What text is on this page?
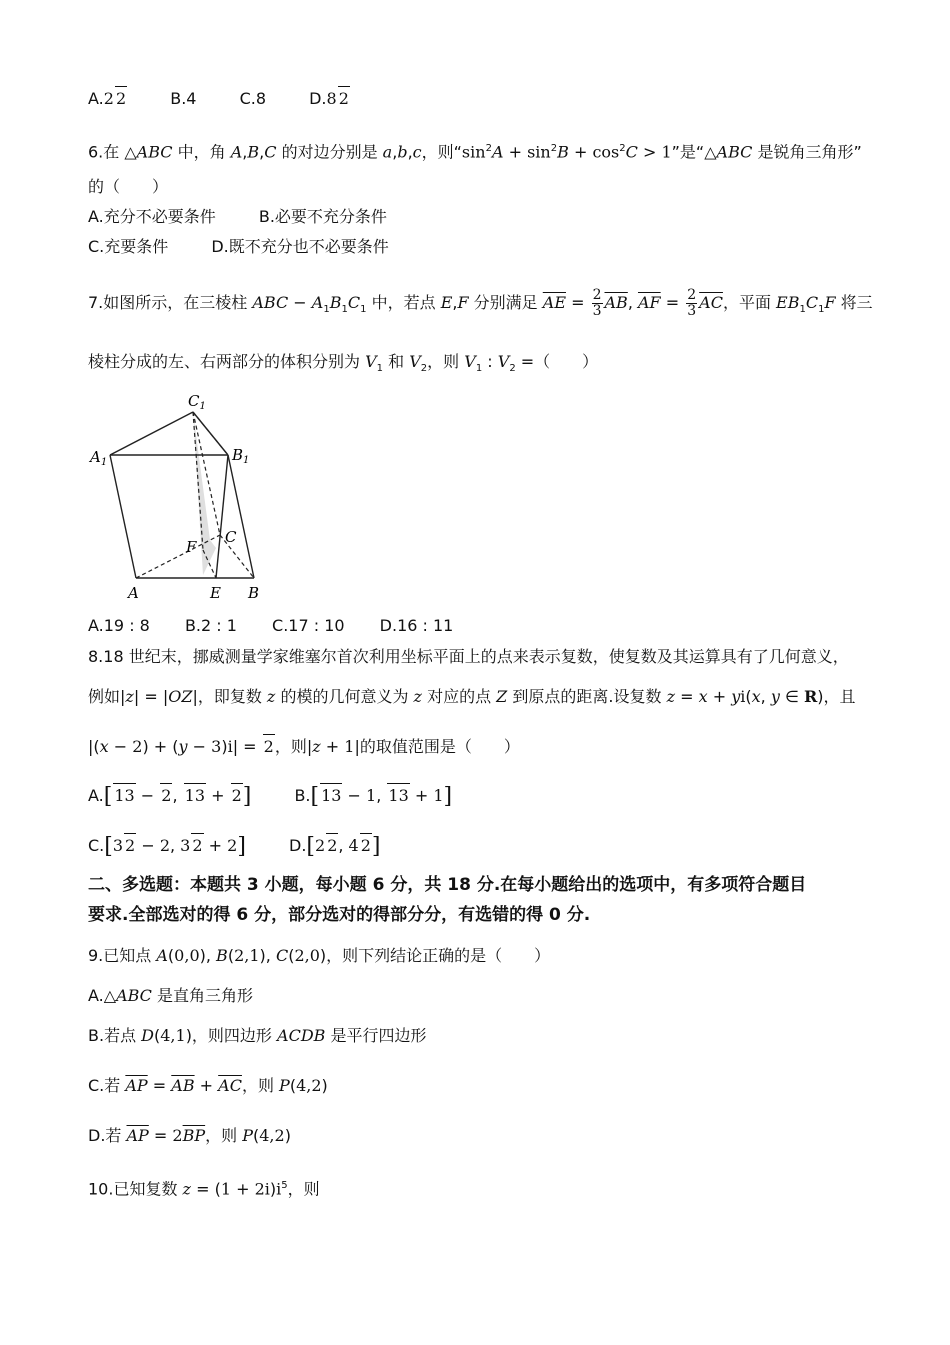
A.2 2	B.4	C.8	D.8 2
6.在 △ABC 中，角 A,B,C 的对边分别是 a,b,c，则“$\sin^2A + \sin^2B + \cos^2C > 1$”是“△ABC 是锐角三角形”
的（　　）
A.充分不必要条件	B.必要不充分条件
C.充要条件	D.既不充分也不必要条件
7.如图所示，在三棱柱 ABC − $A_1B_1C_1$ 中，若点 E,F 分别满足 $\overline{AE} = \frac{2}{3} \overline{AB}$, $\overline{AF} = \frac{2}{3} \overline{AC}$，平面 $EB_1C_1F$ 将三
棱柱分成的左、右两部分的体积分别为 $V_1$ 和 $V_2$，则 $V_1$ : $V_2$ =（　　）
$C_1$
$A_1$	$B_1$
C
F
A	E B
A.19 : 8 B.2 : 1 C.17 : 10 D.16 : 11
8.18 世纪末，挪威测量学家维塞尔首次利用坐标平面上的点来表示复数，使复数及其运算具有了几何意义，
例如|z| = |OZ|，即复数 z 的模的几何意义为 z 对应的点 Z 到原点的距离.设复数 z = x + yi(x, y ∈ R)，且
|(x − 2) + (y − 3)i| = 2，则|z + 1|的取值范围是（　　）
A.[ 13 − 2, 13 + 2]	B.[ 13 − 1, 13 + 1]
C.[3 2 − 2, 3 2 + 2]	D.[2 2, 4 2]
二、多选题：本题共 3 小题，每小题 6 分，共 18 分.在每小题给出的选项中，有多项符合题目
要求.全部选对的得 6 分，部分选对的得部分分，有选错的得 0 分.
9.已知点 A(0,0), B(2,1), C(2,0)，则下列结论正确的是（　　）
A.△ABC 是直角三角形
B.若点 D(4,1)，则四边形 ACDB 是平行四边形
C.若 $\overline{AP} = \overline{AB} + \overline{AC}$，则 P(4,2)
D.若 $\overline{AP} = 2\overline{BP}$，则 P(4,2)
10.已知复数 $z = (1 + 2i)i^5$，则
